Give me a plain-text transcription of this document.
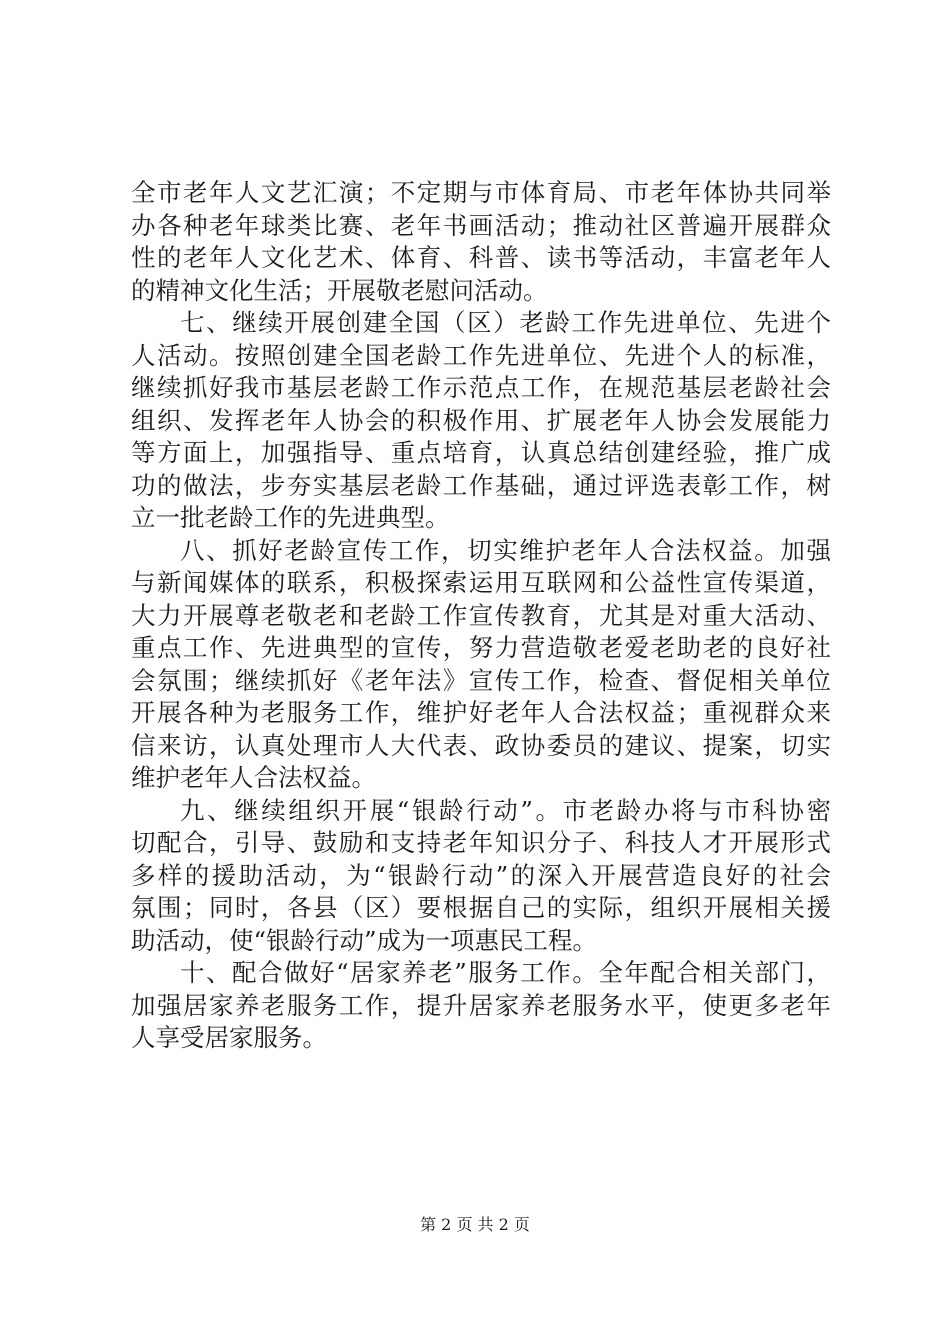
全市老年人文艺汇演；不定期与市体育局、市老年体协共同举
办各种老年球类比赛、老年书画活动；推动社区普遍开展群众
性的老年人文化艺术、体育、科普、读书等活动，丰富老年人
的精神文化生活；开展敬老慰问活动。
七、继续开展创建全国（区）老龄工作先进单位、先进个
人活动。按照创建全国老龄工作先进单位、先进个人的标准，
继续抓好我市基层老龄工作示范点工作，在规范基层老龄社会
组织、发挥老年人协会的积极作用、扩展老年人协会发展能力
等方面上，加强指导、重点培育，认真总结创建经验，推广成
功的做法，步夯实基层老龄工作基础，通过评选表彰工作，树
立一批老龄工作的先进典型。
八、抓好老龄宣传工作，切实维护老年人合法权益。加强
与新闻媒体的联系，积极探索运用互联网和公益性宣传渠道，
大力开展尊老敬老和老龄工作宣传教育，尤其是对重大活动、
重点工作、先进典型的宣传，努力营造敬老爱老助老的良好社
会氛围；继续抓好《老年法》宣传工作，检查、督促相关单位
开展各种为老服务工作，维护好老年人合法权益；重视群众来
信来访，认真处理市人大代表、政协委员的建议、提案，切实
维护老年人合法权益。
九、继续组织开展“银龄行动”。市老龄办将与市科协密
切配合，引导、鼓励和支持老年知识分子、科技人才开展形式
多样的援助活动，为“银龄行动”的深入开展营造良好的社会
氛围；同时，各县（区）要根据自己的实际，组织开展相关援
助活动，使“银龄行动”成为一项惠民工程。
十、配合做好“居家养老”服务工作。全年配合相关部门，
加强居家养老服务工作，提升居家养老服务水平，使更多老年
人享受居家服务。
第 2 页 共 2 页
